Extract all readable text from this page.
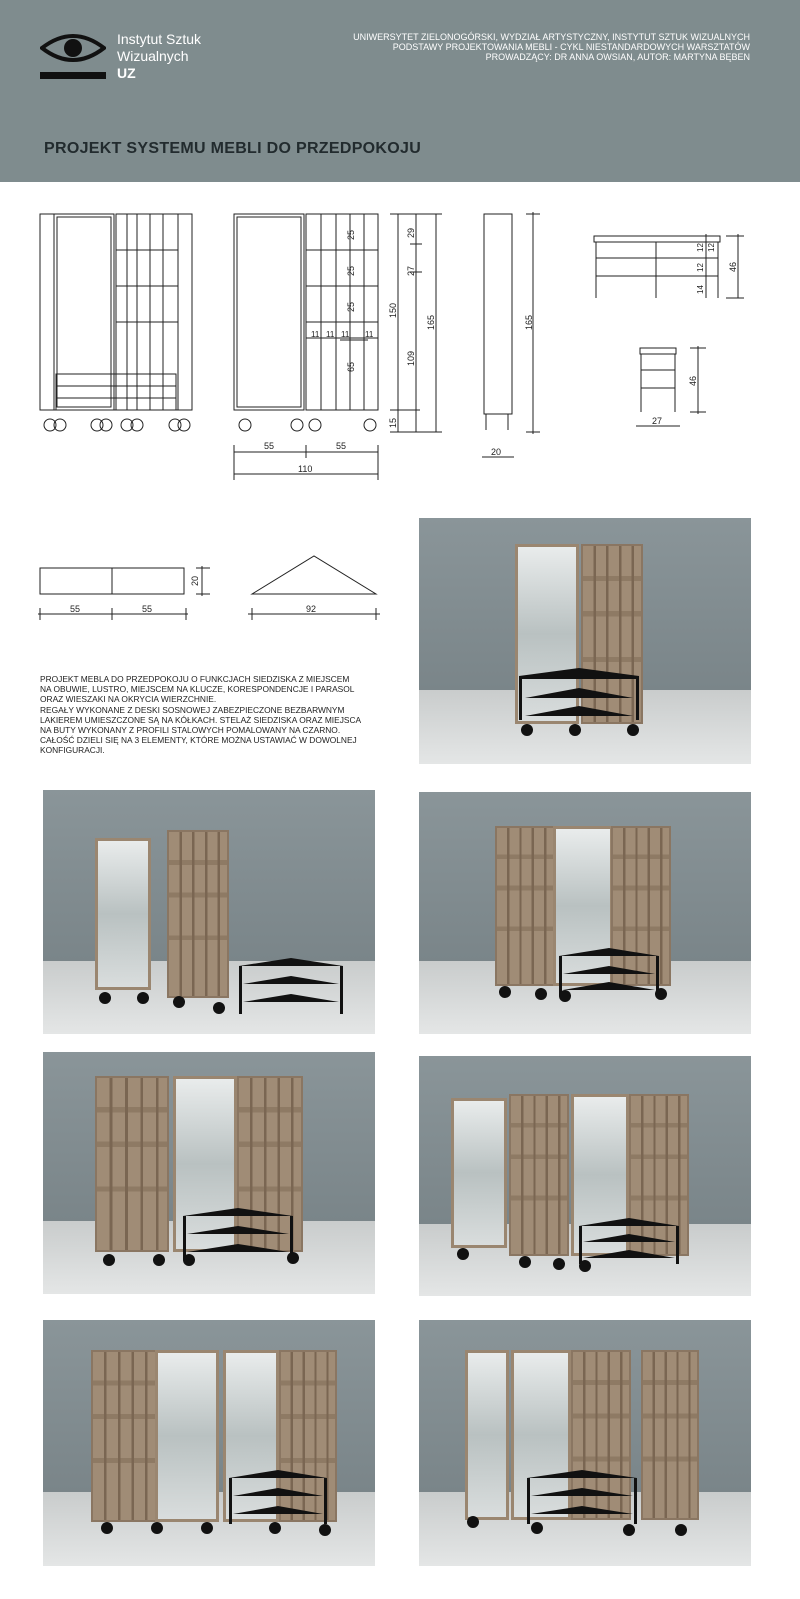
Instytut Sztuk
Wizualnych
UZ
UNIWERSYTET ZIELONOGÓRSKI, WYDZIAŁ ARTYSTYCZNY, INSTYTUT SZTUK WIZUALNYCH
PODSTAWY PROJEKTOWANIA MEBLI - CYKL NIESTANDARDOWYCH WARSZTATÓW
PROWADZĄCY: DR ANNA OWSIAN, AUTOR: MARTYNA BĘBEN
PROJEKT SYSTEMU MEBLI DO PRZEDPOKOJU
55	55
110
25
25
25
65
11 11 11 11
15
150
29
27
109
165	165
20
12
12
12
14
46
46
27
55	55
20
92
PROJEKT MEBLA DO PRZEDPOKOJU O FUNKCJACH SIEDZISKA Z MIEJSCEM
NA OBUWIE, LUSTRO, MIEJSCEM NA KLUCZE, KORESPONDENCJE I PARASOL
ORAZ WIESZAKI NA OKRYCIA WIERZCHNIE.
REGAŁY WYKONANE Z DESKI SOSNOWEJ ZABEZPIECZONE BEZBARWNYM
LAKIEREM UMIESZCZONE SĄ NA KÓŁKACH. STELAŻ SIEDZISKA ORAZ MIEJSCA
NA BUTY WYKONANY Z PROFILI STALOWYCH POMALOWANY NA CZARNO.
CAŁOŚĆ DZIELI SIĘ NA 3 ELEMENTY, KTÓRE MOŻNA USTAWIAĆ W DOWOLNEJ
KONFIGURACJI.
